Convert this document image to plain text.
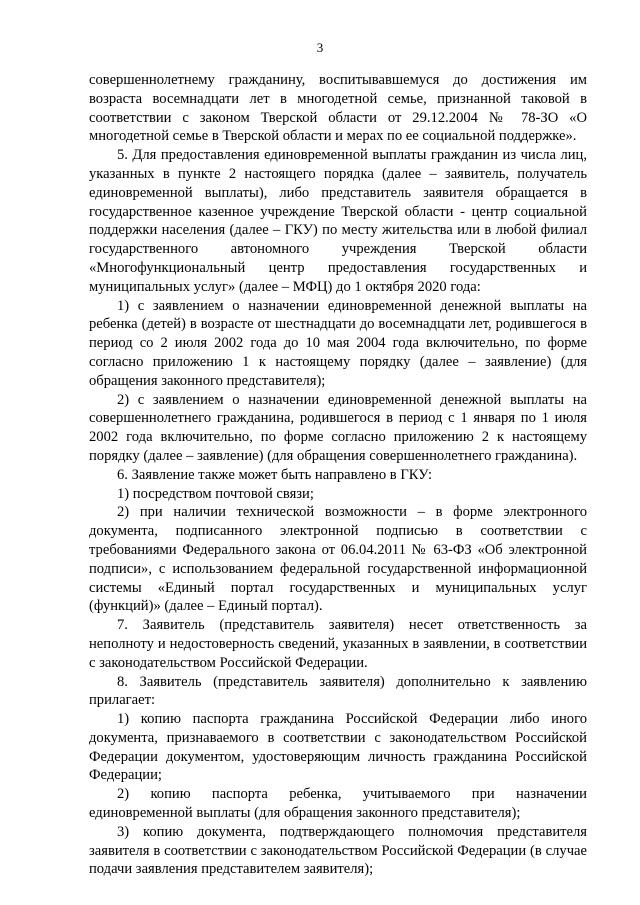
3

совершеннолетнему гражданину, воспитывавшемуся до достижения им возраста восемнадцати лет в многодетной семье, признанной таковой в соответствии с законом Тверской области от 29.12.2004 № 78-ЗО «О многодетной семье в Тверской области и мерах по ее социальной поддержке».

5. Для предоставления единовременной выплаты гражданин из числа лиц, указанных в пункте 2 настоящего порядка (далее – заявитель, получатель единовременной выплаты), либо представитель заявителя обращается в государственное казенное учреждение Тверской области - центр социальной поддержки населения (далее – ГКУ) по месту жительства или в любой филиал государственного автономного учреждения Тверской области «Многофункциональный центр предоставления государственных и муниципальных услуг» (далее – МФЦ) до 1 октября 2020 года:

1) с заявлением о назначении единовременной денежной выплаты на ребенка (детей) в возрасте от шестнадцати до восемнадцати лет, родившегося в период со 2 июля 2002 года до 10 мая 2004 года включительно, по форме согласно приложению 1 к настоящему порядку (далее – заявление) (для обращения законного представителя);

2) с заявлением о назначении единовременной денежной выплаты на совершеннолетнего гражданина, родившегося в период с 1 января по 1 июля 2002 года включительно, по форме согласно приложению 2 к настоящему порядку (далее – заявление) (для обращения совершеннолетнего гражданина).

6. Заявление также может быть направлено в ГКУ:

1) посредством почтовой связи;

2) при наличии технической возможности – в форме электронного документа, подписанного электронной подписью в соответствии с требованиями Федерального закона от 06.04.2011 № 63-ФЗ «Об электронной подписи», с использованием федеральной государственной информационной системы «Единый портал государственных и муниципальных услуг (функций)» (далее – Единый портал).

7. Заявитель (представитель заявителя) несет ответственность за неполноту и недостоверность сведений, указанных в заявлении, в соответствии с законодательством Российской Федерации.

8. Заявитель (представитель заявителя) дополнительно к заявлению прилагает:

1) копию паспорта гражданина Российской Федерации либо иного документа, признаваемого в соответствии с законодательством Российской Федерации документом, удостоверяющим личность гражданина Российской Федерации;

2) копию паспорта ребенка, учитываемого при назначении единовременной выплаты (для обращения законного представителя);

3) копию документа, подтверждающего полномочия представителя заявителя в соответствии с законодательством Российской Федерации (в случае подачи заявления представителем заявителя);
